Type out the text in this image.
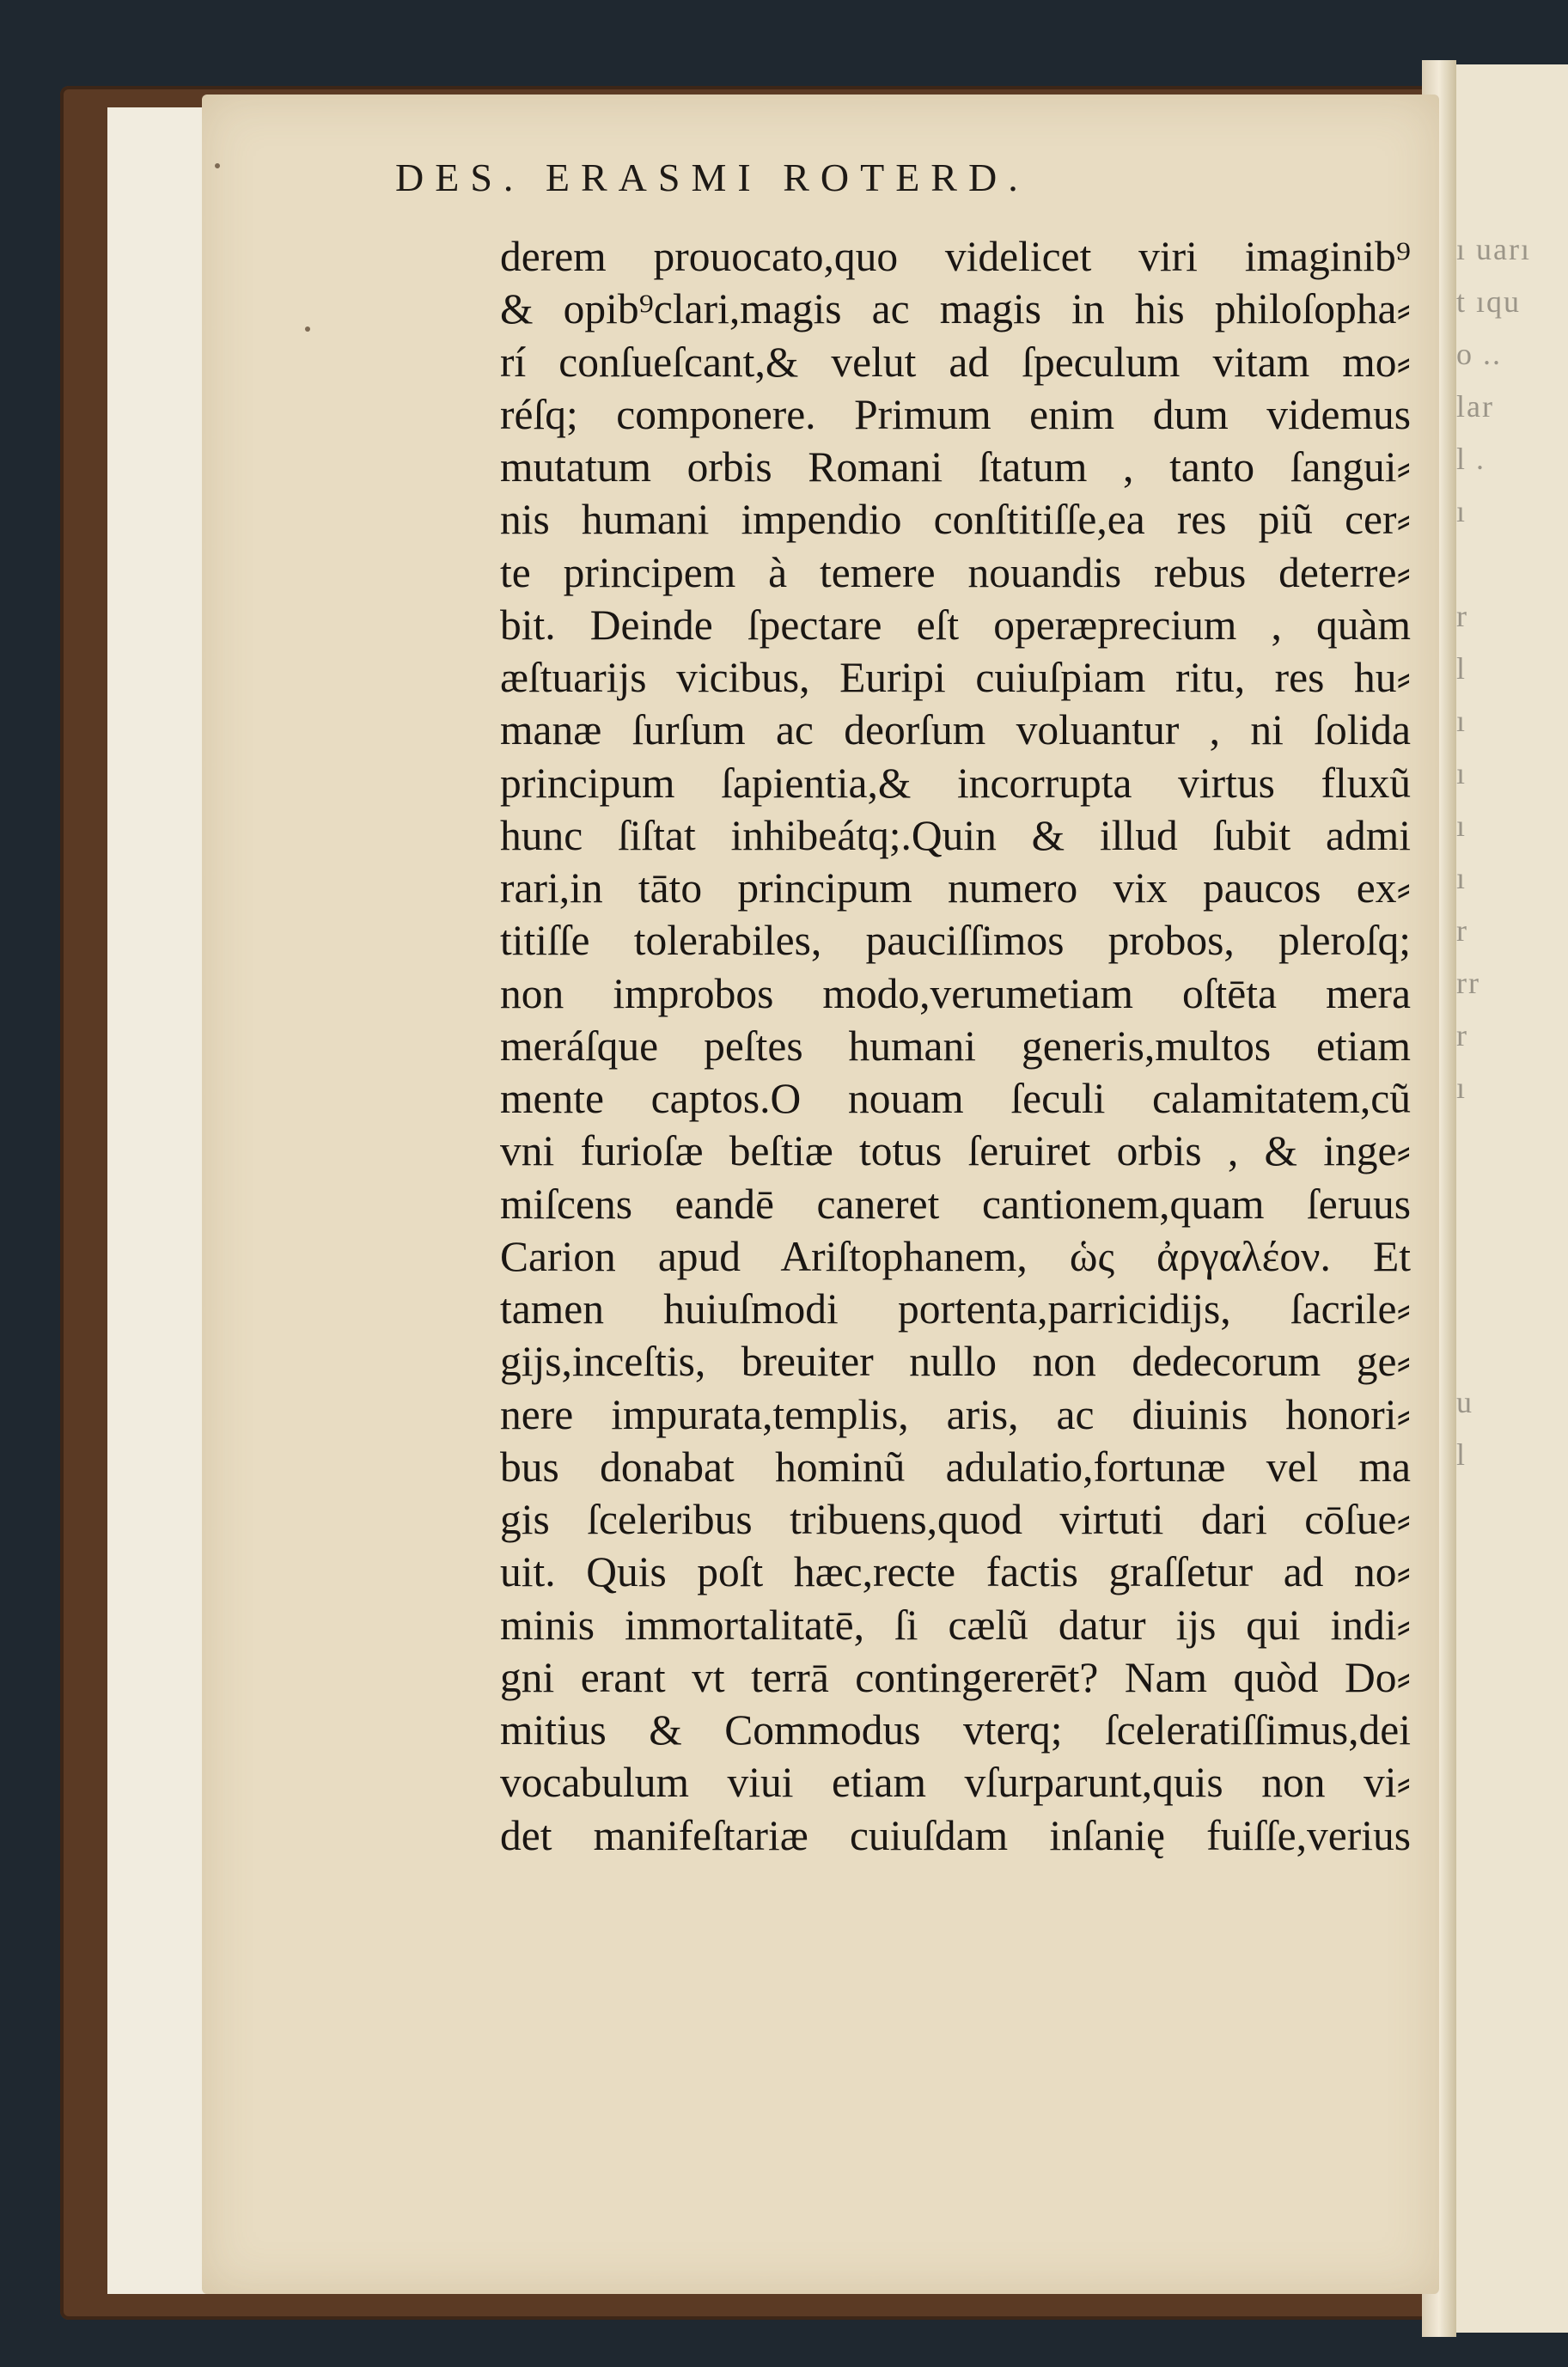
ı uarı
t ıqu
o ..
lar
l .
ı
r
l
ı
ı
ı
ı
r
rr
r
ı
u
l
DES. ERASMI ROTERD.
derem prouocato,quo videlicet viri imaginib⁹
& opib⁹clari,magis ac magis in his philoſopha⸗
rí conſueſcant,& velut ad ſpeculum vitam mo⸗
réſq; componere. Primum enim dum videmus
mutatum orbis Romani ſtatum , tanto ſangui⸗
nis humani impendio conſtitiſſe,ea res piũ cer⸗
te principem à temere nouandis rebus deterre⸗
bit. Deinde ſpectare eſt operæprecium , quàm
æſtuarijs vicibus, Euripi cuiuſpiam ritu, res hu⸗
manæ ſurſum ac deorſum voluantur , ni ſolida
principum ſapientia,& incorrupta virtus fluxũ
hunc ſiſtat inhibeátq;.Quin & illud ſubit admi
rari,in tāto principum numero vix paucos ex⸗
titiſſe tolerabiles, pauciſſimos probos, pleroſq;
non improbos modo,verumetiam oſtēta mera
meráſque peſtes humani generis,multos etiam
mente captos.O nouam ſeculi calamitatem,cũ
vni furioſæ beſtiæ totus ſeruiret orbis , & inge⸗
miſcens eandē caneret cantionem,quam ſeruus
Carion apud Ariſtophanem, ὡς ἀργαλέον. Et
tamen huiuſmodi portenta,parricidijs, ſacrile⸗
gijs,inceſtis, breuiter nullo non dedecorum ge⸗
nere impurata,templis, aris, ac diuinis honori⸗
bus donabat hominũ adulatio,fortunæ vel ma
gis ſceleribus tribuens,quod virtuti dari cōſue⸗
uit. Quis poſt hæc,recte factis graſſetur ad no⸗
minis immortalitatē, ſi cælũ datur ijs qui indi⸗
gni erant vt terrā contingererēt? Nam quòd Do⸗
mitius & Commodus vterq; ſceleratiſſimus,dei
vocabulum viui etiam vſurparunt,quis non vi⸗
det manifeſtariæ cuiuſdam inſanię fuiſſe,verius
